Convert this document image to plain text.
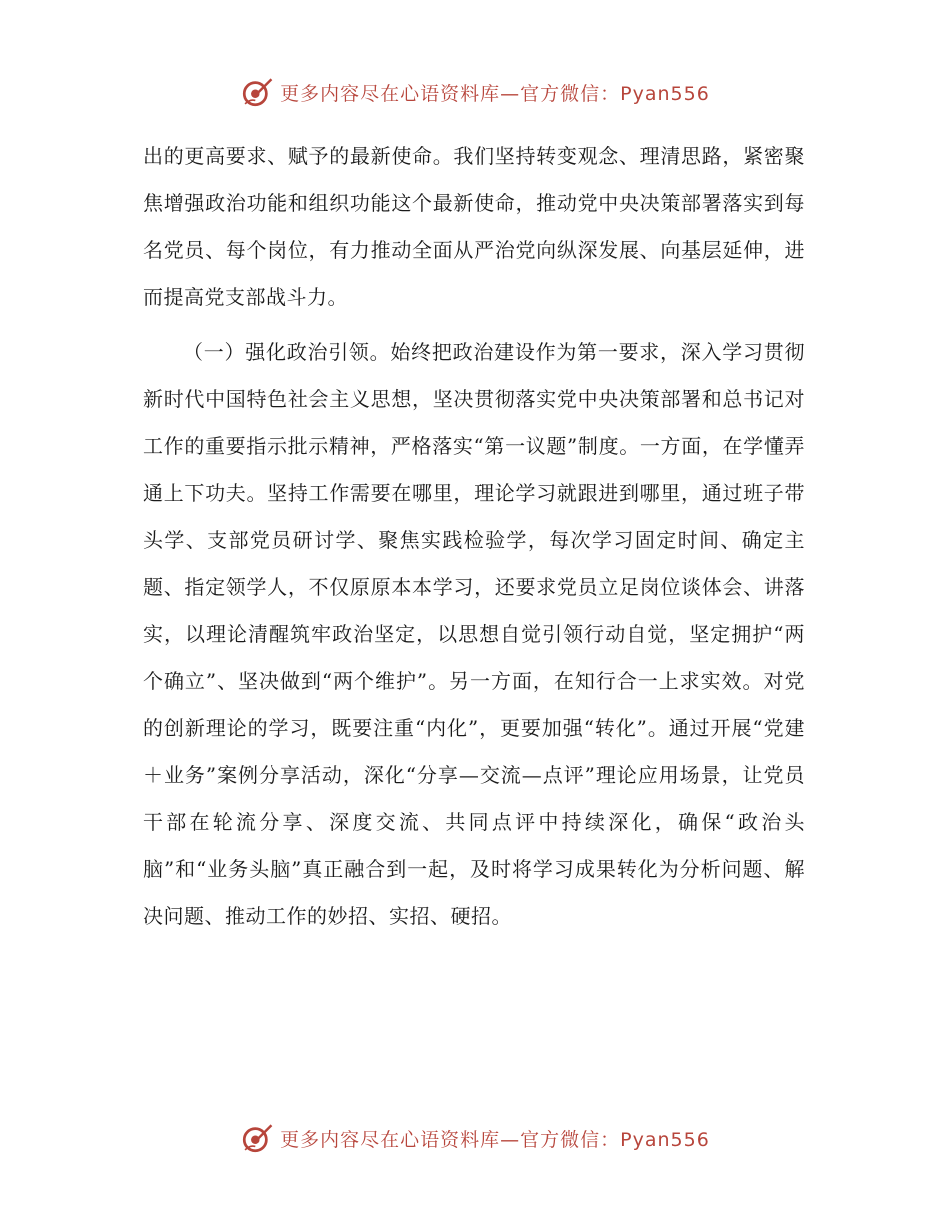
更多内容尽在心语资料库—官方微信：Pyan556

出的更高要求、赋予的最新使命。我们坚持转变观念、理清思路，紧密聚焦增强政治功能和组织功能这个最新使命，推动党中央决策部署落实到每名党员、每个岗位，有力推动全面从严治党向纵深发展、向基层延伸，进而提高党支部战斗力。

（一）强化政治引领。始终把政治建设作为第一要求，深入学习贯彻新时代中国特色社会主义思想，坚决贯彻落实党中央决策部署和总书记对工作的重要指示批示精神，严格落实“第一议题”制度。一方面，在学懂弄通上下功夫。坚持工作需要在哪里，理论学习就跟进到哪里，通过班子带头学、支部党员研讨学、聚焦实践检验学，每次学习固定时间、确定主题、指定领学人，不仅原原本本学习，还要求党员立足岗位谈体会、讲落实，以理论清醒筑牢政治坚定，以思想自觉引领行动自觉，坚定拥护“两个确立”、坚决做到“两个维护”。另一方面，在知行合一上求实效。对党的创新理论的学习，既要注重“内化”，更要加强“转化”。通过开展“党建＋业务”案例分享活动，深化“分享—交流—点评”理论应用场景，让党员干部在轮流分享、深度交流、共同点评中持续深化，确保“政治头脑”和“业务头脑”真正融合到一起，及时将学习成果转化为分析问题、解决问题、推动工作的妙招、实招、硬招。

更多内容尽在心语资料库—官方微信：Pyan556
